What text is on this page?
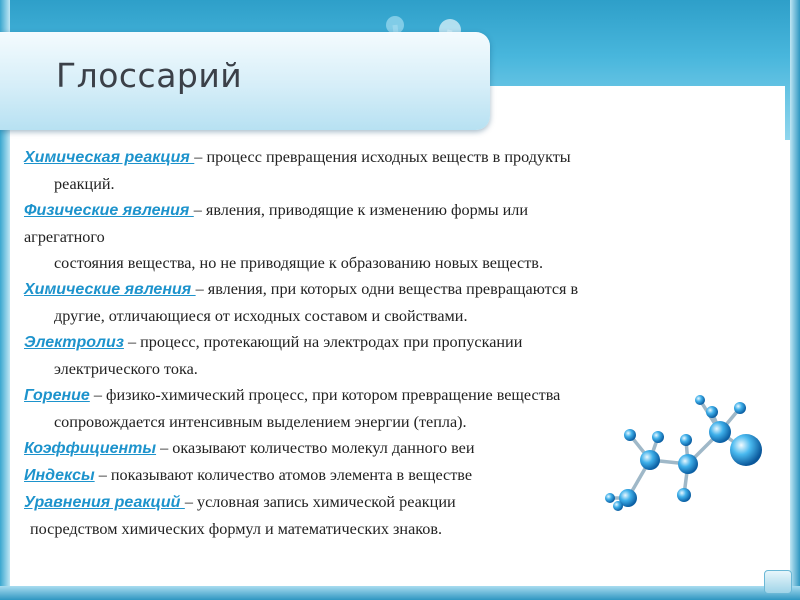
Глоссарий
Химическая реакция – процесс превращения исходных веществ в продукты
реакций.
Физические явления – явления, приводящие к изменению формы или агрегатного
состояния вещества, но не приводящие к образованию новых веществ.
Химические явления – явления, при которых одни вещества превращаются в
другие, отличающиеся от исходных составом и свойствами.
Электролиз – процесс, протекающий на электродах при пропускании
электрического тока.
Горение – физико-химический процесс, при котором превращение вещества
сопровождается интенсивным выделением энергии (тепла).
Коэффициенты – оказывают количество молекул данного веи
Индексы – показывают количество атомов элемента в веществе
Уравнения реакций – условная запись химической реакции
посредством химических формул и математических знаков.
